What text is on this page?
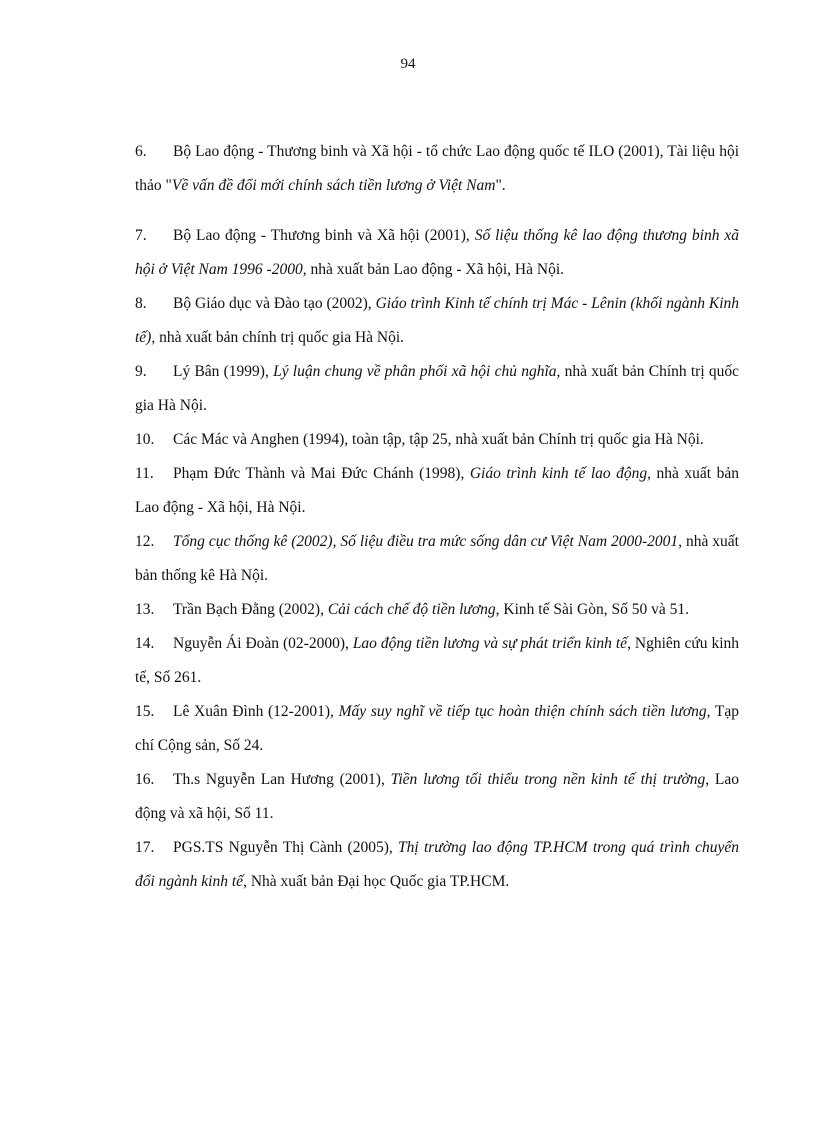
94

6. Bộ Lao động - Thương binh và Xã hội - tổ chức Lao động quốc tế ILO (2001), Tài liệu hội thảo "Về vấn đề đổi mới chính sách tiền lương ở Việt Nam".

7. Bộ Lao động - Thương binh và Xã hội (2001), Số liệu thống kê lao động thương binh xã hội ở Việt Nam 1996 -2000, nhà xuất bản Lao động - Xã hội, Hà Nội.

8. Bộ Giáo dục và Đào tạo (2002), Giáo trình Kinh tế chính trị Mác - Lênin (khối ngành Kinh tế), nhà xuất bản chính trị quốc gia Hà Nội.

9. Lý Bân (1999), Lý luận chung về phân phối xã hội chủ nghĩa, nhà xuất bản Chính trị quốc gia Hà Nội.

10. Các Mác và Anghen (1994), toàn tập, tập 25, nhà xuất bản Chính trị quốc gia Hà Nội.

11. Phạm Đức Thành và Mai Đức Chánh (1998), Giáo trình kinh tế lao động, nhà xuất bản Lao động - Xã hội, Hà Nội.

12. Tổng cục thống kê (2002), Số liệu điều tra mức sống dân cư Việt Nam 2000-2001, nhà xuất bản thống kê Hà Nội.

13. Trần Bạch Đằng (2002), Cải cách chế độ tiền lương, Kinh tế Sài Gòn, Số 50 và 51.

14. Nguyễn Ái Đoàn (02-2000), Lao động tiền lương và sự phát triển kinh tế, Nghiên cứu kinh tế, Số 261.

15. Lê Xuân Đình (12-2001), Mấy suy nghĩ về tiếp tục hoàn thiện chính sách tiền lương, Tạp chí Cộng sản, Số 24.

16. Th.s Nguyễn Lan Hương (2001), Tiền lương tối thiểu trong nền kinh tế thị trường, Lao động và xã hội, Số 11.

17. PGS.TS Nguyễn Thị Cành (2005), Thị trường lao động TP.HCM trong quá trình chuyển đổi ngành kinh tế, Nhà xuất bản Đại học Quốc gia TP.HCM.
